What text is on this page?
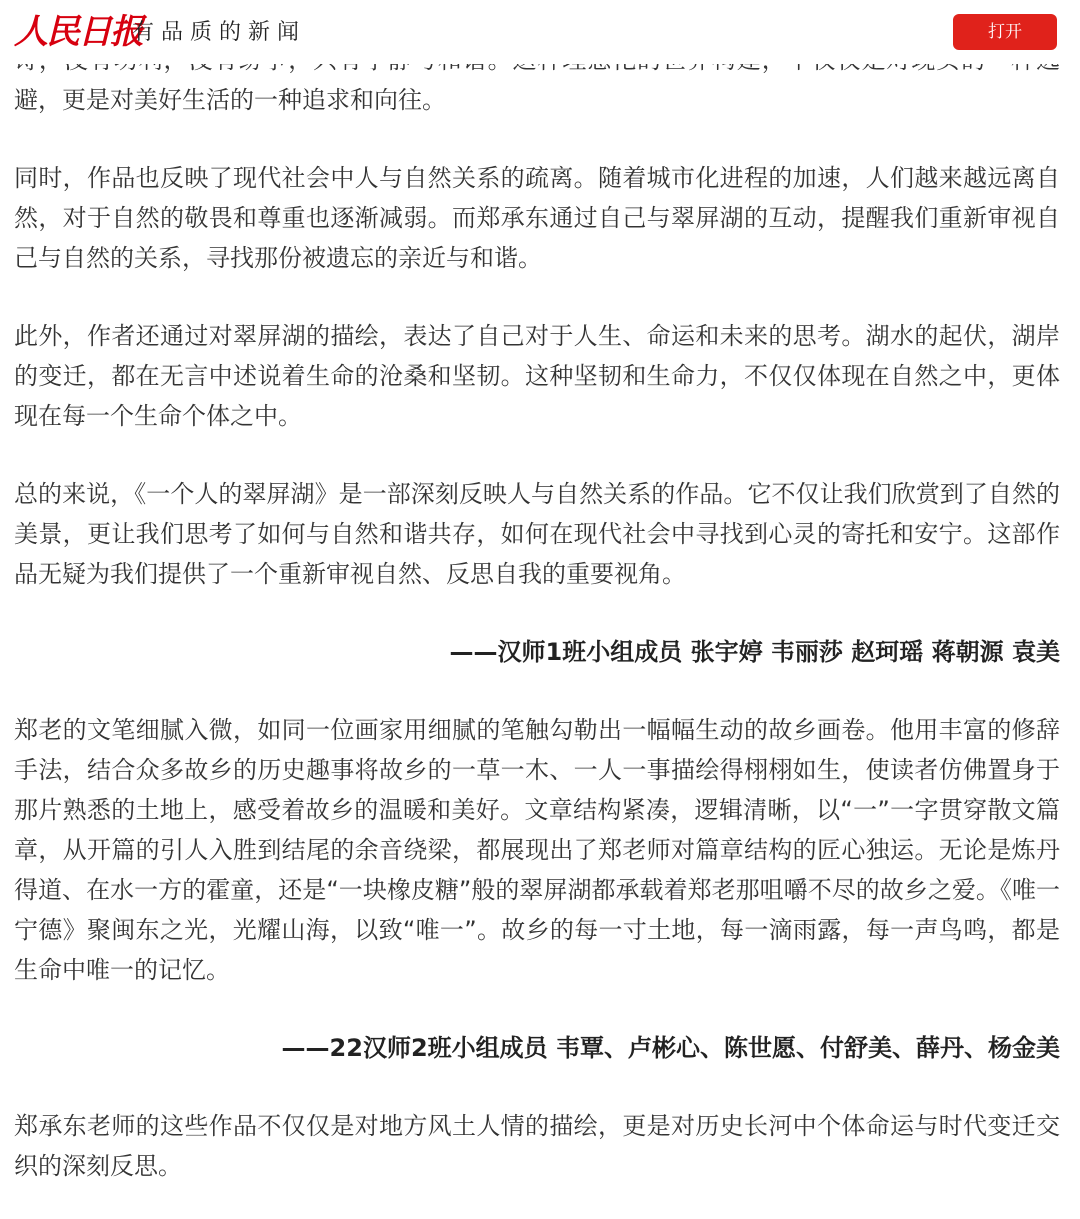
避，更是对美好生活的一种追求和向往。

同时，作品也反映了现代社会中人与自然关系的疏离。随着城市化进程的加速，人们越来越远离自然，对于自然的敬畏和尊重也逐渐减弱。而郑承东通过自己与翠屏湖的互动，提醒我们重新审视自己与自然的关系，寻找那份被遗忘的亲近与和谐。

此外，作者还通过对翠屏湖的描绘，表达了自己对于人生、命运和未来的思考。湖水的起伏，湖岸的变迁，都在无言中述说着生命的沧桑和坚韧。这种坚韧和生命力，不仅仅体现在自然之中，更体现在每一个生命个体之中。

总的来说，《一个人的翠屏湖》是一部深刻反映人与自然关系的作品。它不仅让我们欣赏到了自然的美景，更让我们思考了如何与自然和谐共存，如何在现代社会中寻找到心灵的寄托和安宁。这部作品无疑为我们提供了一个重新审视自然、反思自我的重要视角。

——汉师1班小组成员 张宇婷 韦丽莎 赵珂瑶 蒋朝源 袁美

郑老的文笔细腻入微，如同一位画家用细腻的笔触勾勒出一幅幅生动的故乡画卷。他用丰富的修辞手法，结合众多故乡的历史趣事将故乡的一草一木、一人一事描绘得栩栩如生，使读者仿佛置身于那片熟悉的土地上，感受着故乡的温暖和美好。文章结构紧凑，逻辑清晰，以“一”一字贯穿散文篇章，从开篇的引人入胜到结尾的余音绕梁，都展现出了郑老师对篇章结构的匠心独运。无论是炼丹得道、在水一方的霍童，还是“一块橡皮糖”般的翠屏湖都承载着郑老那咀嚼不尽的故乡之爱。《唯一宁德》聚闽东之光，光耀山海，以致“唯一”。故乡的每一寸土地，每一滴雨露，每一声鸟鸣，都是生命中唯一的记忆。

——22汉师2班小组成员 韦覃、卢彬心、陈世愿、付舒美、薛丹、杨金美

郑承东老师的这些作品不仅仅是对地方风土人情的描绘，更是对历史长河中个体命运与时代变迁交织的深刻反思。

人民日报
有品质的新闻	打开
